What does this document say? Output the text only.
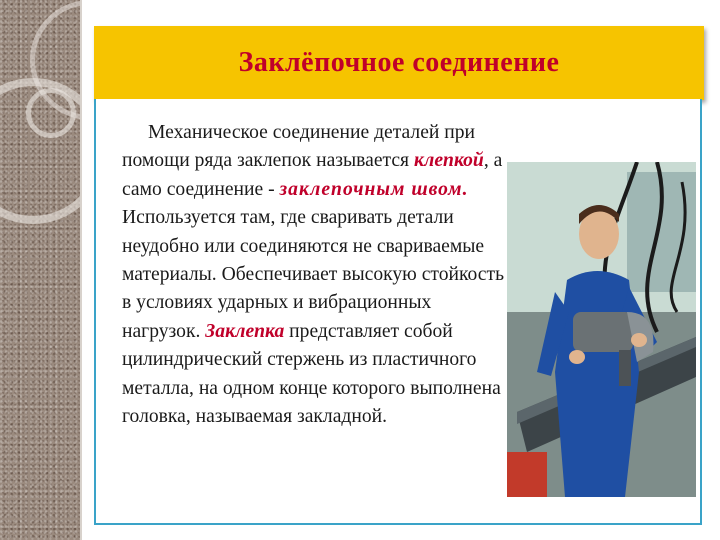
Заклёпочное соединение
Механическое соединение деталей при помощи ряда заклепок называется клепкой, а само соединение - заклепочным швом. Используется там, где сваривать детали неудобно или соединяются не свариваемые материалы. Обеспечивает высокую стойкость в условиях ударных и вибрационных нагрузок. Заклепка представляет собой цилиндрический стержень из пластичного металла, на одном конце которого выполнена головка, называемая закладной.
